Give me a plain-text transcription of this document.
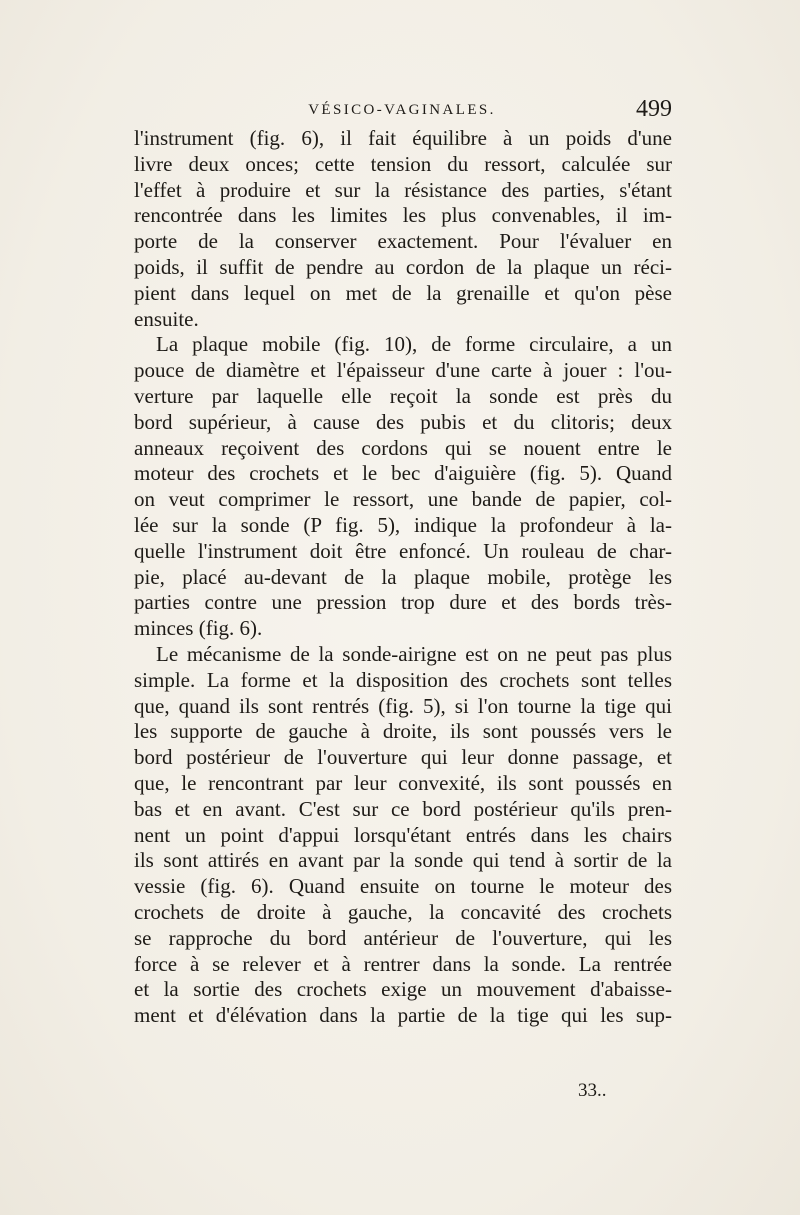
VÉSICO-VAGINALES.	499
l'instrument (fig. 6), il fait équilibre à un poids d'une
livre deux onces; cette tension du ressort, calculée sur
l'effet à produire et sur la résistance des parties, s'étant
rencontrée dans les limites les plus convenables, il im-
porte de la conserver exactement. Pour l'évaluer en
poids, il suffit de pendre au cordon de la plaque un réci-
pient dans lequel on met de la grenaille et qu'on pèse
ensuite.
La plaque mobile (fig. 10), de forme circulaire, a un
pouce de diamètre et l'épaisseur d'une carte à jouer : l'ou-
verture par laquelle elle reçoit la sonde est près du
bord supérieur, à cause des pubis et du clitoris; deux
anneaux reçoivent des cordons qui se nouent entre le
moteur des crochets et le bec d'aiguière (fig. 5). Quand
on veut comprimer le ressort, une bande de papier, col-
lée sur la sonde (P fig. 5), indique la profondeur à la-
quelle l'instrument doit être enfoncé. Un rouleau de char-
pie, placé au-devant de la plaque mobile, protège les
parties contre une pression trop dure et des bords très-
minces (fig. 6).
Le mécanisme de la sonde-airigne est on ne peut pas plus
simple. La forme et la disposition des crochets sont telles
que, quand ils sont rentrés (fig. 5), si l'on tourne la tige qui
les supporte de gauche à droite, ils sont poussés vers le
bord postérieur de l'ouverture qui leur donne passage, et
que, le rencontrant par leur convexité, ils sont poussés en
bas et en avant. C'est sur ce bord postérieur qu'ils pren-
nent un point d'appui lorsqu'étant entrés dans les chairs
ils sont attirés en avant par la sonde qui tend à sortir de la
vessie (fig. 6). Quand ensuite on tourne le moteur des
crochets de droite à gauche, la concavité des crochets
se rapproche du bord antérieur de l'ouverture, qui les
force à se relever et à rentrer dans la sonde. La rentrée
et la sortie des crochets exige un mouvement d'abaisse-
ment et d'élévation dans la partie de la tige qui les sup-
33..
